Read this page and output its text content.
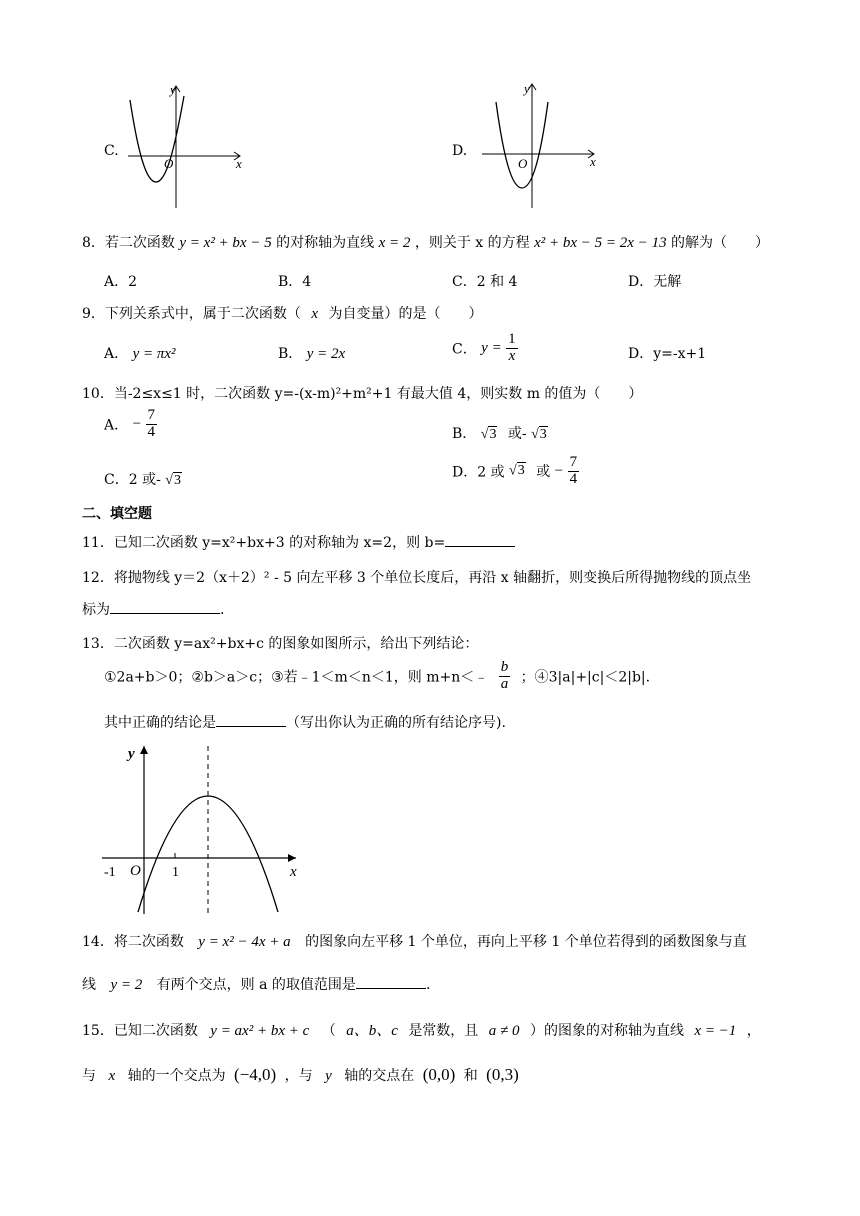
C.
x
y
O
D.
x
y
O
8．若二次函数 y = x² + bx − 5 的对称轴为直线 x = 2 ，则关于 x 的方程 x² + bx − 5 = 2x − 13 的解为（　　）
A．2	B．4	C．2 和 4	D．无解
9．下列关系式中，属于二次函数（ x 为自变量）的是（　　）
A． y = πx²	B． y = 2x	C． $y = \frac{1}{x}$	D．y=-x+1
10．当-2≤x≤1 时，二次函数 y=-(x-m)²+m²+1 有最大值 4，则实数 m 的值为（　　）
A． − $\frac{7}{4}$	B． √3 或- √3
C．2 或- √3
D．2 或 √3 或 − $\frac{7}{4}$
二、填空题
11．已知二次函数 y=x²+bx+3 的对称轴为 x=2，则 b=
12．将抛物线 y＝2（x＋2）² - 5 向左平移 3 个单位长度后，再沿 x 轴翻折，则变换后所得抛物线的顶点坐
标为	.
13．二次函数 y=ax²+bx+c 的图象如图所示，给出下列结论：
①2a+b＞0；②b＞a＞c；③若﹣1＜m＜n＜1，则 m+n＜﹣ $\frac{b}{a}$ ；④3|a|+|c|＜2|b|.
其中正确的结论是	（写出你认为正确的所有结论序号).
y
x
-1 O 1
14．将二次函数 y = x² − 4x + a 的图象向左平移 1 个单位，再向上平移 1 个单位若得到的函数图象与直
线 y = 2 有两个交点，则 a 的取值范围是	.
15．已知二次函数 y = ax² + bx + c （ a、b、c 是常数，且 a ≠ 0 ）的图象的对称轴为直线 x = −1 ，
与 x 轴的一个交点为 (−4,0) ，与 y 轴的交点在 (0,0) 和 (0,3)
